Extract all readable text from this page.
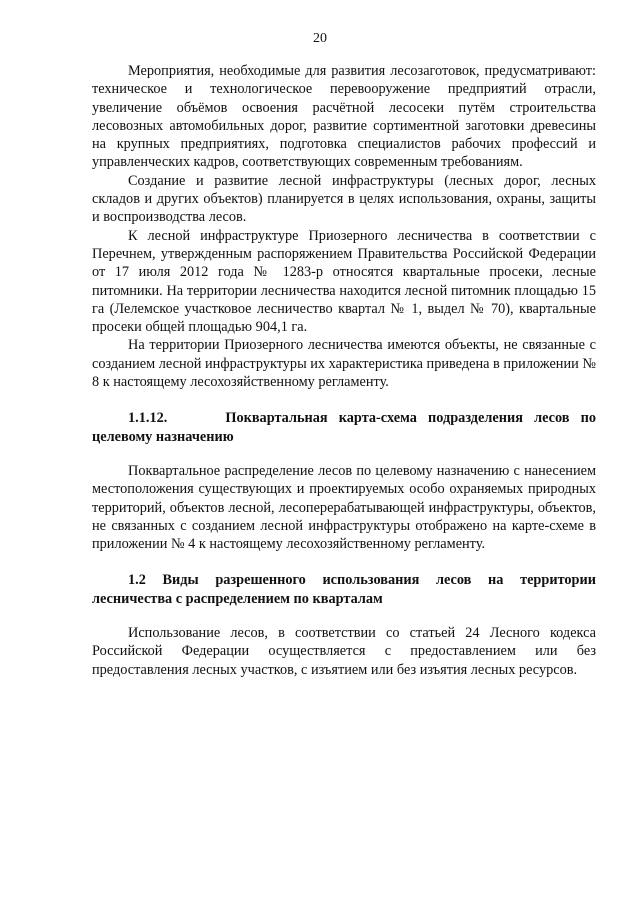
20

Мероприятия, необходимые для развития лесозаготовок, предусматривают: техническое и технологическое перевооружение предприятий отрасли, увеличение объёмов освоения расчётной лесосеки путём строительства лесовозных автомобильных дорог, развитие сортиментной заготовки древесины на крупных предприятиях, подготовка специалистов рабочих профессий и управленческих кадров, соответствующих современным требованиям.

Создание и развитие лесной инфраструктуры (лесных дорог, лесных складов и других объектов) планируется в целях использования, охраны, защиты и воспроизводства лесов.

К лесной инфраструктуре Приозерного лесничества в соответствии с Перечнем, утвержденным распоряжением Правительства Российской Федерации от 17 июля 2012 года № 1283-р относятся квартальные просеки, лесные питомники. На территории лесничества находится лесной питомник площадью 15 га (Лелемское участковое лесничество квартал № 1, выдел № 70), квартальные просеки общей площадью 904,1 га.

На территории Приозерного лесничества имеются объекты, не связанные с созданием лесной инфраструктуры их характеристика приведена в приложении № 8 к настоящему лесохозяйственному регламенту.

1.1.12.	Поквартальная карта-схема подразделения лесов по целевому назначению

Поквартальное распределение лесов по целевому назначению с нанесением местоположения существующих и проектируемых особо охраняемых природных территорий, объектов лесной, лесоперерабатывающей инфраструктуры, объектов, не связанных с созданием лесной инфраструктуры отображено на карте-схеме в приложении № 4 к настоящему лесохозяйственному регламенту.

1.2 Виды разрешенного использования лесов на территории лесничества с распределением по кварталам

Использование лесов, в соответствии со статьей 24 Лесного кодекса Российской Федерации осуществляется с предоставлением или без предоставления лесных участков, с изъятием или без изъятия лесных ресурсов.
